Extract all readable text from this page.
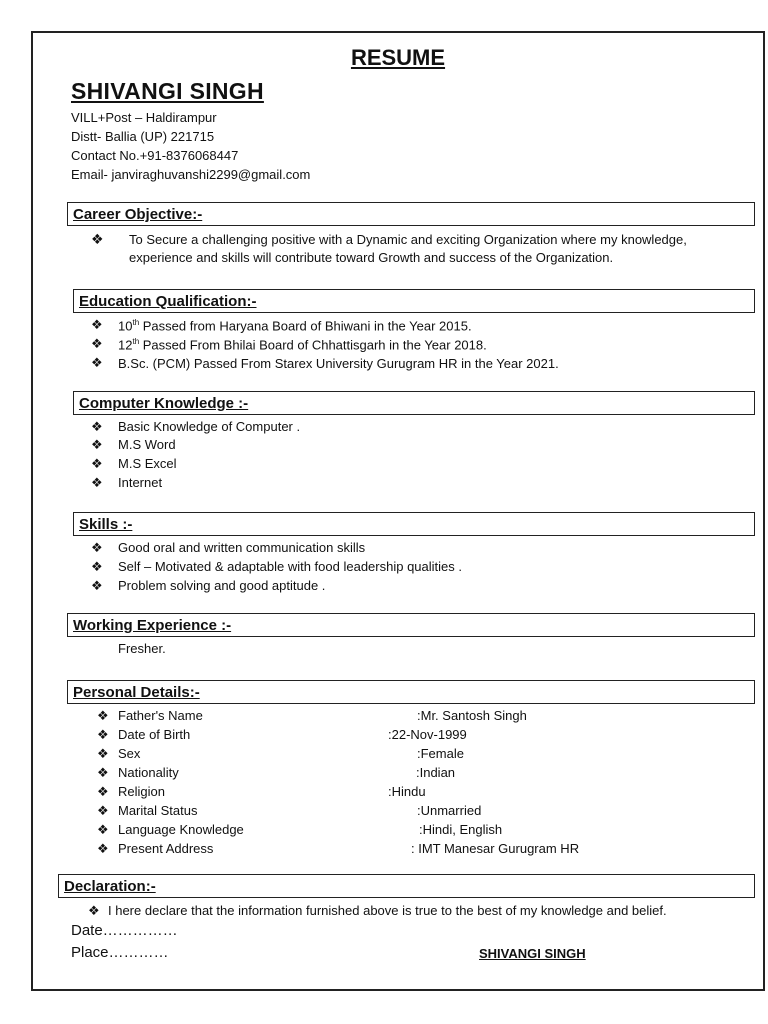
RESUME
SHIVANGI SINGH
VILL+Post – Haldirampur
Distt- Ballia (UP) 221715
Contact No.+91-8376068447
Email- janviraghuvanshi2299@gmail.com
Career Objective:-
❖ To Secure a challenging positive with a Dynamic and exciting Organization where my knowledge,
experience and skills will contribute toward Growth and success of the Organization.
Education Qualification:-
❖ 10th Passed from Haryana Board of Bhiwani in the Year 2015.
❖ 12th Passed From Bhilai Board of Chhattisgarh in the Year 2018.
❖ B.Sc. (PCM) Passed From Starex University Gurugram HR in the Year 2021.
Computer Knowledge :-
❖ Basic Knowledge of Computer .
❖ M.S Word
❖ M.S Excel
❖ Internet
Skills :-
❖ Good oral and written communication skills
❖ Self – Motivated & adaptable with food leadership qualities .
❖ Problem solving and good aptitude .
Working Experience :-
Fresher.
Personal Details:-
❖ Father's Name	:Mr. Santosh Singh
❖ Date of Birth	:22-Nov-1999
❖ Sex	:Female
❖ Nationality	:Indian
❖ Religion	:Hindu
❖ Marital Status	:Unmarried
❖ Language Knowledge	:Hindi, English
❖ Present Address	: IMT Manesar Gurugram HR
Declaration:-
❖ I here declare that the information furnished above is true to the best of my knowledge and belief.
Date……………
Place…………	SHIVANGI SINGH
